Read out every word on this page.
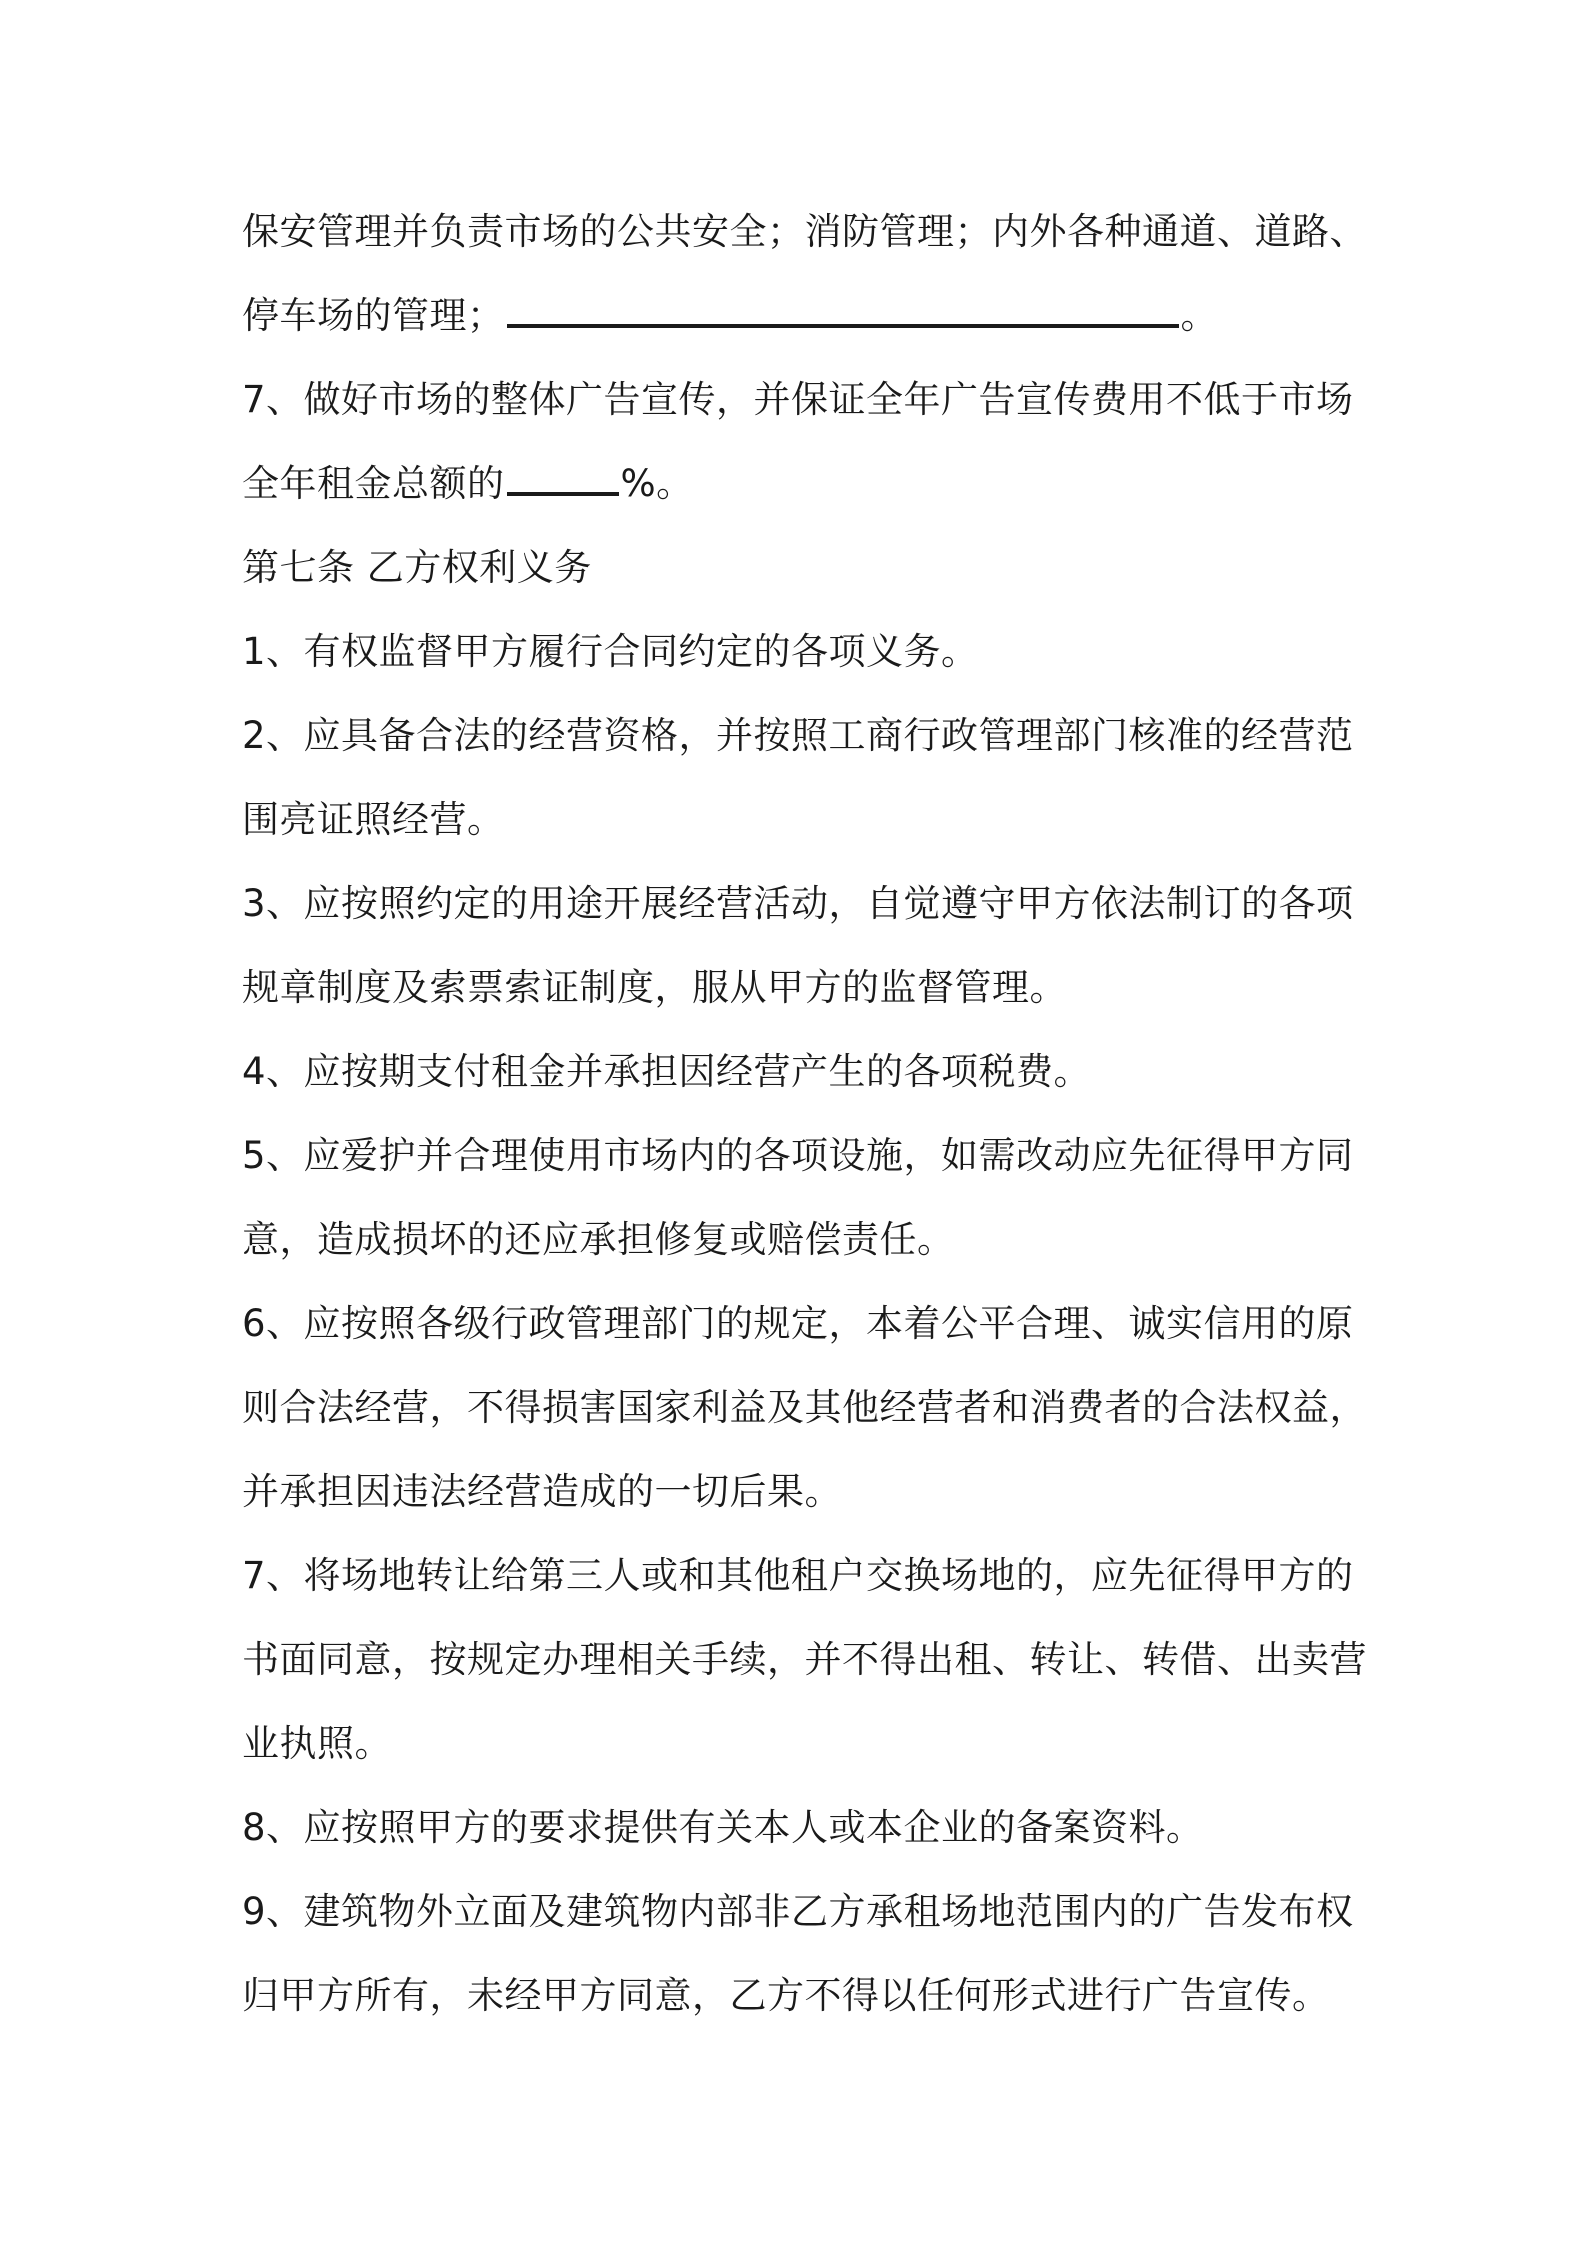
保安管理并负责市场的公共安全；消防管理；内外各种通道、道路、
停车场的管理；	。
7、做好市场的整体广告宣传，并保证全年广告宣传费用不低于市场
全年租金总额的	%。
第七条 乙方权利义务
1、有权监督甲方履行合同约定的各项义务。
2、应具备合法的经营资格，并按照工商行政管理部门核准的经营范
围亮证照经营。
3、应按照约定的用途开展经营活动，自觉遵守甲方依法制订的各项
规章制度及索票索证制度，服从甲方的监督管理。
4、应按期支付租金并承担因经营产生的各项税费。
5、应爱护并合理使用市场内的各项设施，如需改动应先征得甲方同
意，造成损坏的还应承担修复或赔偿责任。
6、应按照各级行政管理部门的规定，本着公平合理、诚实信用的原
则合法经营，不得损害国家利益及其他经营者和消费者的合法权益，
并承担因违法经营造成的一切后果。
7、将场地转让给第三人或和其他租户交换场地的，应先征得甲方的
书面同意，按规定办理相关手续，并不得出租、转让、转借、出卖营
业执照。
8、应按照甲方的要求提供有关本人或本企业的备案资料。
9、建筑物外立面及建筑物内部非乙方承租场地范围内的广告发布权
归甲方所有，未经甲方同意，乙方不得以任何形式进行广告宣传。
